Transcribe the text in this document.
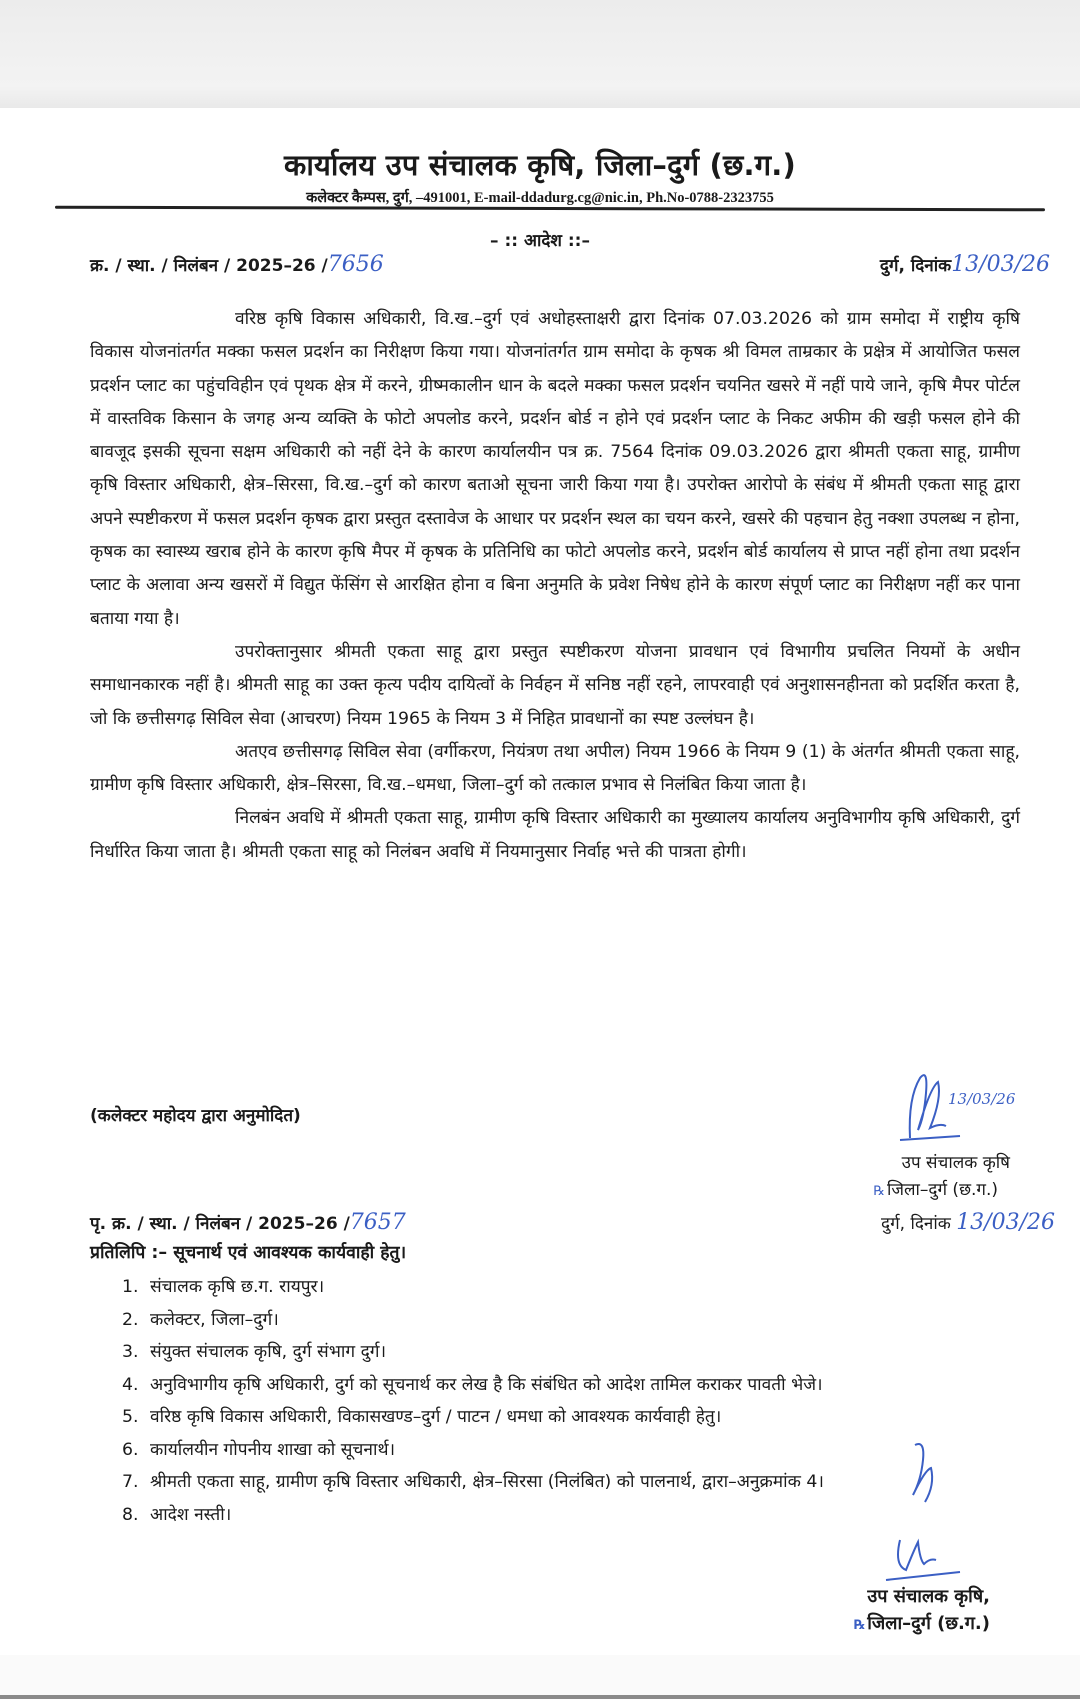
कार्यालय उप संचालक कृषि, जिला–दुर्ग (छ.ग.)
कलेक्टर कैम्पस, दुर्ग, –491001, E-mail-ddadurg.cg@nic.in, Ph.No-0788-2323755
– :: आदेश ::–
क्र. / स्था. / निलंबन / 2025–26 /7656	दुर्ग, दिनांक13/03/26

वरिष्ठ कृषि विकास अधिकारी, वि.ख.–दुर्ग एवं अधोहस्ताक्षरी द्वारा दिनांक 07.03.2026 को ग्राम समोदा में राष्ट्रीय कृषि विकास योजनांतर्गत मक्का फसल प्रदर्शन का निरीक्षण किया गया। योजनांतर्गत ग्राम समोदा के कृषक श्री विमल ताम्रकार के प्रक्षेत्र में आयोजित फसल प्रदर्शन प्लाट का पहुंचविहीन एवं पृथक क्षेत्र में करने, ग्रीष्मकालीन धान के बदले मक्का फसल प्रदर्शन चयनित खसरे में नहीं पाये जाने, कृषि मैपर पोर्टल में वास्तविक किसान के जगह अन्य व्यक्ति के फोटो अपलोड करने, प्रदर्शन बोर्ड न होने एवं प्रदर्शन प्लाट के निकट अफीम की खड़ी फसल होने की बावजूद इसकी सूचना सक्षम अधिकारी को नहीं देने के कारण कार्यालयीन पत्र क्र. 7564 दिनांक 09.03.2026 द्वारा श्रीमती एकता साहू, ग्रामीण कृषि विस्तार अधिकारी, क्षेत्र–सिरसा, वि.ख.–दुर्ग को कारण बताओ सूचना जारी किया गया है। उपरोक्त आरोपो के संबंध में श्रीमती एकता साहू द्वारा अपने स्पष्टीकरण में फसल प्रदर्शन कृषक द्वारा प्रस्तुत दस्तावेज के आधार पर प्रदर्शन स्थल का चयन करने, खसरे की पहचान हेतु नक्शा उपलब्ध न होना, कृषक का स्वास्थ्य खराब होने के कारण कृषि मैपर में कृषक के प्रतिनिधि का फोटो अपलोड करने, प्रदर्शन बोर्ड कार्यालय से प्राप्त नहीं होना तथा प्रदर्शन प्लाट के अलावा अन्य खसरों में विद्युत फेंसिंग से आरक्षित होना व बिना अनुमति के प्रवेश निषेध होने के कारण संपूर्ण प्लाट का निरीक्षण नहीं कर पाना बताया गया है।

उपरोक्तानुसार श्रीमती एकता साहू द्वारा प्रस्तुत स्पष्टीकरण योजना प्रावधान एवं विभागीय प्रचलित नियमों के अधीन समाधानकारक नहीं है। श्रीमती साहू का उक्त कृत्य पदीय दायित्वों के निर्वहन में सनिष्ठ नहीं रहने, लापरवाही एवं अनुशासनहीनता को प्रदर्शित करता है, जो कि छत्तीसगढ़ सिविल सेवा (आचरण) नियम 1965 के नियम 3 में निहित प्रावधानों का स्पष्ट उल्लंघन है।

अतएव छत्तीसगढ़ सिविल सेवा (वर्गीकरण, नियंत्रण तथा अपील) नियम 1966 के नियम 9 (1) के अंतर्गत श्रीमती एकता साहू, ग्रामीण कृषि विस्तार अधिकारी, क्षेत्र–सिरसा, वि.ख.–धमधा, जिला–दुर्ग को तत्काल प्रभाव से निलंबित किया जाता है।

निलबंन अवधि में श्रीमती एकता साहू, ग्रामीण कृषि विस्तार अधिकारी का मुख्यालय कार्यालय अनुविभागीय कृषि अधिकारी, दुर्ग निर्धारित किया जाता है। श्रीमती एकता साहू को निलंबन अवधि में नियमानुसार निर्वाह भत्ते की पात्रता होगी।

(कलेक्टर महोदय द्वारा अनुमोदित)
13/03/26
उप संचालक कृषि
℞ जिला–दुर्ग (छ.ग.)
पृ. क्र. / स्था. / निलंबन / 2025–26 /7657	दुर्ग, दिनांक 13/03/26
प्रतिलिपि :– सूचनार्थ एवं आवश्यक कार्यवाही हेतु।
1. संचालक कृषि छ.ग. रायपुर।
2. कलेक्टर, जिला–दुर्ग।
3. संयुक्त संचालक कृषि, दुर्ग संभाग दुर्ग।
4. अनुविभागीय कृषि अधिकारी, दुर्ग को सूचनार्थ कर लेख है कि संबंधित को आदेश तामिल कराकर पावती भेजे।
5. वरिष्ठ कृषि विकास अधिकारी, विकासखण्ड–दुर्ग / पाटन / धमधा को आवश्यक कार्यवाही हेतु।
6. कार्यालयीन गोपनीय शाखा को सूचनार्थ।
7. श्रीमती एकता साहू, ग्रामीण कृषि विस्तार अधिकारी, क्षेत्र–सिरसा (निलंबित) को पालनार्थ, द्वारा–अनुक्रमांक 4।
8. आदेश नस्ती।
उप संचालक कृषि,
℞ जिला–दुर्ग (छ.ग.)
